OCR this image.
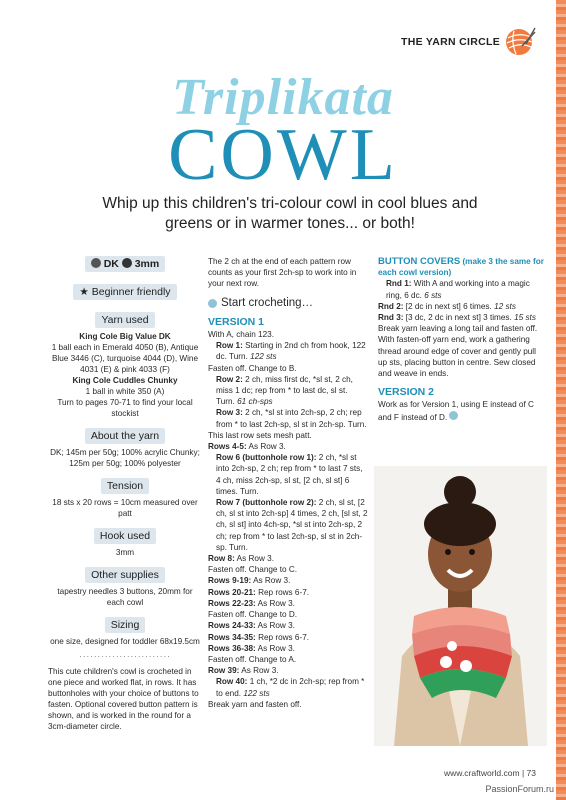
THE YARN CIRCLE
Triplikata
COWL
Whip up this children's tri-colour cowl in cool blues and greens or in warmer tones... or both!
DK 3mm
★ Beginner friendly
Yarn used
King Cole Big Value DK
1 ball each in Emerald 4050 (B), Antique Blue 3446 (C), turquoise 4044 (D), Wine 4031 (E) & pink 4033 (F)
King Cole Cuddles Chunky
1 ball in white 350 (A)
Turn to pages 70-71 to find your local stockist
About the yarn
DK; 145m per 50g; 100% acrylic Chunky; 125m per 50g; 100% polyester
Tension
18 sts x 20 rows = 10cm measured over patt
Hook used
3mm
Other supplies
tapestry needles 3 buttons, 20mm for each cowl
Sizing
one size, designed for toddler 68x19.5cm
·························
This cute children's cowl is crocheted in one piece and worked flat, in rows. It has buttonholes with your choice of buttons to fasten. Optional covered button pattern is shown, and is worked in the round for a 3cm-diameter circle.
The 2 ch at the end of each pattern row counts as your first 2ch-sp to work into in your next row.
Start crocheting…
VERSION 1
With A, chain 123.
Row 1: Starting in 2nd ch from hook, 122 dc. Turn. 122 sts
Fasten off. Change to B.
Row 2: 2 ch, miss first dc, *sl st, 2 ch, miss 1 dc; rep from * to last dc, sl st. Turn. 61 ch-sps
Row 3: 2 ch, *sl st into 2ch-sp, 2 ch; rep from * to last 2ch-sp, sl st in 2ch-sp. Turn.
This last row sets mesh patt.
Rows 4-5: As Row 3.
Row 6 (buttonhole row 1): 2 ch, *sl st into 2ch-sp, 2 ch; rep from * to last 7 sts, 4 ch, miss 2ch-sp, sl st, [2 ch, sl st] 6 times. Turn.
Row 7 (buttonhole row 2): 2 ch, sl st, [2 ch, sl st into 2ch-sp] 4 times, 2 ch, [sl st, 2 ch, sl st] into 4ch-sp, *sl st into 2ch-sp, 2 ch; rep from * to last 2ch-sp, sl st in 2ch-sp. Turn.
Row 8: As Row 3.
Fasten off. Change to C.
Rows 9-19: As Row 3.
Rows 20-21: Rep rows 6-7.
Rows 22-23: As Row 3.
Fasten off. Change to D.
Rows 24-33: As Row 3.
Rows 34-35: Rep rows 6-7.
Rows 36-38: As Row 3.
Fasten off. Change to A.
Row 39: As Row 3.
Row 40: 1 ch, *2 dc in 2ch-sp; rep from * to end. 122 sts
Break yarn and fasten off.
BUTTON COVERS (make 3 the same for each cowl version)
Rnd 1: With A and working into a magic ring, 6 dc. 6 sts
Rnd 2: [2 dc in next st] 6 times. 12 sts
Rnd 3: [3 dc, 2 dc in next st] 3 times. 15 sts
Break yarn leaving a long tail and fasten off. With fasten-off yarn end, work a gathering thread around edge of cover and gently pull up sts, placing button in centre. Sew closed and weave in ends.
VERSION 2
Work as for Version 1, using E instead of C and F instead of D.
www.craftworld.com | 73
PassionForum.ru
